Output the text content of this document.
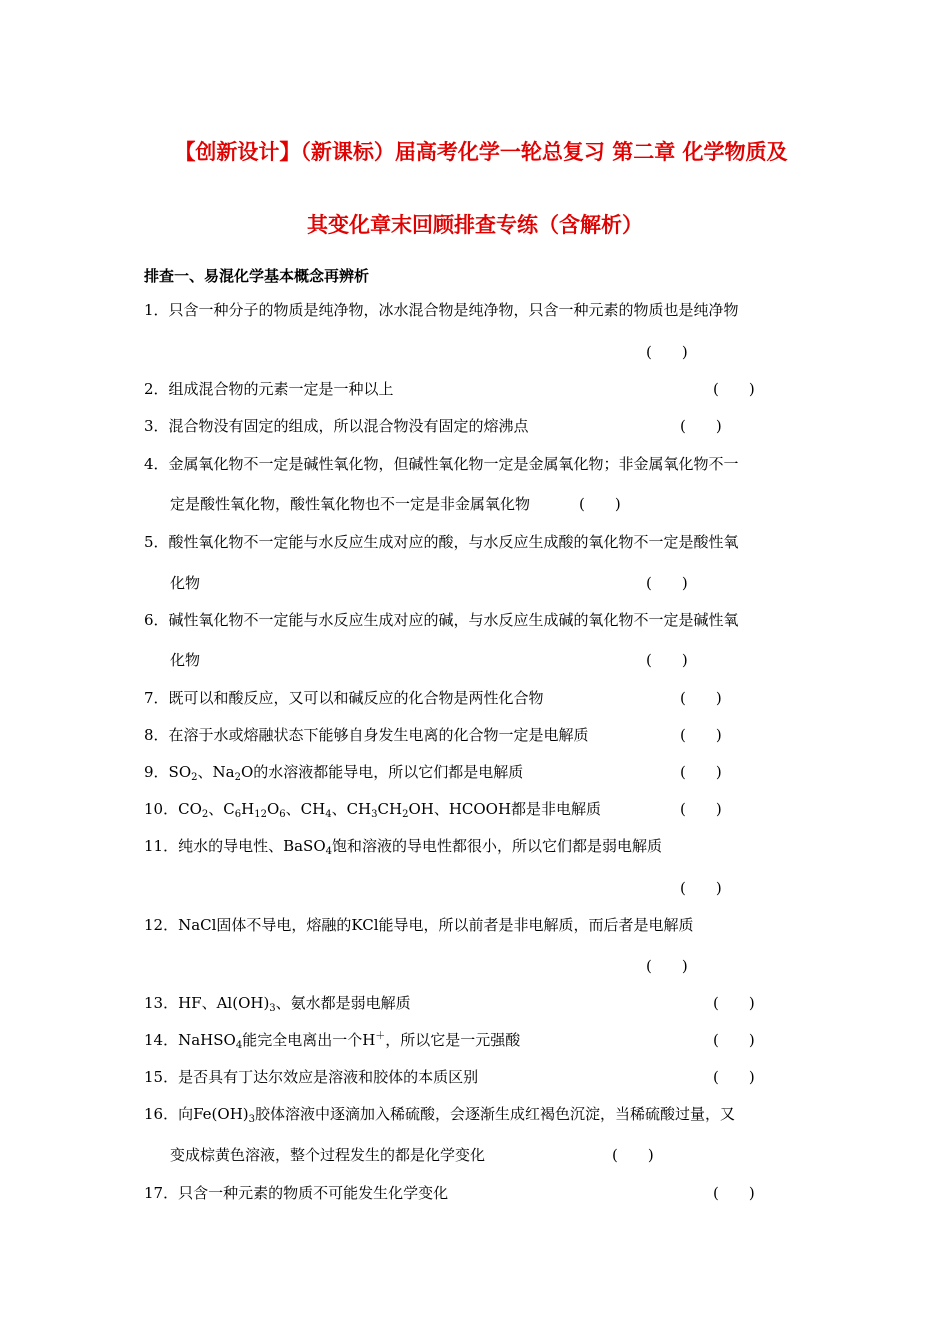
【创新设计】（新课标）届高考化学一轮总复习 第二章 化学物质及
其变化章末回顾排查专练（含解析）
排查一、易混化学基本概念再辨析
1．只含一种分子的物质是纯净物，冰水混合物是纯净物，只含一种元素的物质也是纯净物
(　　)
2．组成混合物的元素一定是一种以上	(　　)
3．混合物没有固定的组成，所以混合物没有固定的熔沸点	(　　)
4．金属氧化物不一定是碱性氧化物，但碱性氧化物一定是金属氧化物；非金属氧化物不一
定是酸性氧化物，酸性氧化物也不一定是非金属氧化物	(　　)
5．酸性氧化物不一定能与水反应生成对应的酸，与水反应生成酸的氧化物不一定是酸性氧
化物	(　　)
6．碱性氧化物不一定能与水反应生成对应的碱，与水反应生成碱的氧化物不一定是碱性氧
化物	(　　)
7．既可以和酸反应，又可以和碱反应的化合物是两性化合物	(　　)
8．在溶于水或熔融状态下能够自身发生电离的化合物一定是电解质	(　　)
9．$SO_2$、$Na_2O$的水溶液都能导电，所以它们都是电解质	(　　)
10．$CO_2$、$C_6H_{12}O_6$、$CH_4$、$CH_3CH_2OH$、HCOOH都是非电解质	(　　)
11．纯水的导电性、BaSO$_4$饱和溶液的导电性都很小，所以它们都是弱电解质
(　　)
12．NaCl固体不导电，熔融的KCl能导电，所以前者是非电解质，而后者是电解质
(　　)
13．HF、$Al(OH)_3$、氨水都是弱电解质	(　　)
14．NaHSO$_4$能完全电离出一个H＋，所以它是一元强酸	(　　)
15．是否具有丁达尔效应是溶液和胶体的本质区别	(　　)
16．向$Fe(OH)_3$胶体溶液中逐滴加入稀硫酸，会逐渐生成红褐色沉淀，当稀硫酸过量，又
变成棕黄色溶液，整个过程发生的都是化学变化	(　　)
17．只含一种元素的物质不可能发生化学变化	(　　)
